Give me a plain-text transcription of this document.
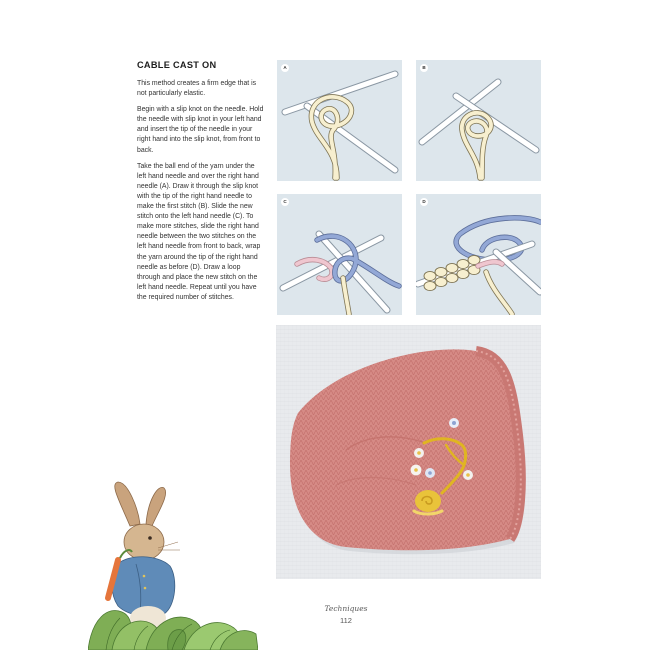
CABLE CAST ON

This method creates a firm edge that is not particularly elastic.

Begin with a slip knot on the needle. Hold the needle with slip knot in your left hand and insert the tip of the needle in your right hand into the slip knot, from front to back.

Take the ball end of the yarn under the left hand needle and over the right hand needle (A). Draw it through the slip knot with the tip of the right hand needle to make the first stitch (B). Slide the new stitch onto the left hand needle (C). To make more stitches, slide the right hand needle between the two stitches on the left hand needle from front to back, wrap the yarn around the tip of the right hand needle as before (D). Draw a loop through and place the new stitch on the left hand needle. Repeat until you have the required number of stitches.

A	B
C	D
Techniques
112
